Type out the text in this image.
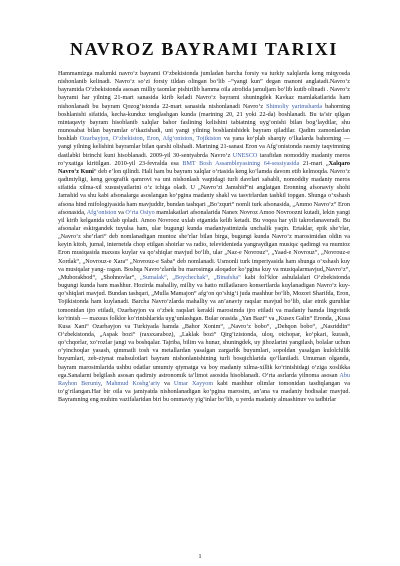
NAVROZ BAYRAMI TARIXI

Hammamizga malumki navro‘z bayrami O‘zbekistonda jumladan barcha forsiy va turkiy xalqlarda keng miqyosda nishonlanib kelinadi. Navro‘z so‘zi forsiy tildan olingan bo‘lib –“yangi kun” degan manoni anglatadi.Navro‘z bayramida O‘zbekistonda asosan milliy taomlar pishirilib hamma oila atrofida jamuljam bo‘lib kutib olinadi . Navro‘z bayrami har yilning 21-mart sanasida kirib keladi Navro‘z bayrami shuningdek Kavkaz mamlakatlarida ham nishonlanadi bu bayram Qozog‘istonda 22-mart sanasida nishonlanadi Navro‘z Shimoliy yarimsharda bahorning boshlanishi sifatida, kecha-kunduz tenglashgan kunda (martning 20, 21 yoki 22-da) boshlanadi. Bu ta’sir qilgan mintaqaviy bayram hisoblanib xalqlar bahor faslining kelishini tabiatning uyg‘onishi bilan bog‘laydilar, shu munosabat bilan bayramlar o‘tkazishadi, uni yangi yilning boshlanishidek bayram qiladilar. Qadim zamonlardan boshlab Ozarbayjon, O‘zbekiston, Eron, Afg‘oniston, Tojikiston va yana ko‘plab sharqiy o‘lkalarda bahorning — yangi yilning kelishini bayramlar bilan qarshi olishadi. Martning 21-sanasi Eron va Afg‘onistonda rasmiy taqvimning dastlabki birinchi kuni hisoblanadi. 2009-yil 30-sentyabrda Navro‘z UNESCO tarafidan nomoddiy madaniy meros ro‘yxatiga kiritilgan. 2010-yil 23-fevralda esa BMT Bosh Assambleyasining 64-sessiyasida 21-mart „Xalqaro Navro‘z Kuni“ deb e’lon qilindi. Hali ham bu bayram xalqlar o‘rtasida keng ko‘lamda davom etib kelmoqda. Navro‘z qadimiyligi, keng geografik qamrovi va uni nishonlash vaqtidagi turli davrlari sababli, nomoddiy madaniy meros sifatida xilma-xil xususiyatlarini o‘z ichiga oladi. U „Navro‘zi Jamshid“ni anglatgan Eronning afsonaviy shohi Jamshid va shu kabi afsonalarga asoslangan ko‘pgina madaniy shakl va tasvirlardan tashkil topgan. Shunga o‘xshash afsona hind mifologiyasida ham mavjuddir, bundan tashqari „Bo‘zqurt“ nomli turk afsonasida, „Ammo Navro‘z“ Eron afsonasida, Afg‘oniston va O‘rta Osiyo mamlakatlari afsonalarida Nanex Novroz Amoo Novroozni kutadi, lekin yangi yil kirib kelganida uxlab qoladi. Amoo Novrooz uxlab etganida kelib ketadi. Bu voqea har yili takrorlanaveradi. Bu afsonalar eskirgandek tuyulsa ham, ular bugungi kunda madaniyatimizda unchalik yaqin. Ertaklar, epik she’rlar, „Navro‘z she’rlari“ deb nomlanadigan muntoz she’rlar bilan birga, bugungi kunda Navro‘z marosimidan oldin va keyin kitob, jurnal, internetda chop etilgan shoirlar va radio, televidenieda yangraydigan musiqa: qadimgi va mumtoz Eron musiqasida maxsus kuylar va qo‘shiqlar mavjud bo‘lib, ular „Naz-e Novrouz“, „Yaad-e Novrouz“, „Novrouz-e Xordak“, „Novrouz-e Xara“ „Novrouz-e Saba“ deb nomlanadi. Usmonli turk imperiyasida ham shunga o‘xshash kuy va musiqalar yang- ragan. Boshqa Navro‘zlarda bu marosimga aloqador ko‘pgina kuy va musiqalarmavjud„Navro‘z“, „Muborakbod“, „Shohnovlar“, „Sumalak“, „Boychechak“, „Binafsha“ kabi fol‘klor ashulalalari O‘zbekistonda bugungi kunda ham mashhur. Hozirda mahalliy, milliy va hatto millatlararo konsertlarda kuylanadigan Navro‘z kuy-qo‘shiqlari mavjud. Bundan tashqari, „Mulla Mamajon“ afg‘on qo‘shig‘i juda mashhur bo‘lib, Mozori Sharifda, Eron, Tojikistonda ham kuylanadi. Barcha Navro‘zlarda mahalliy va an’anaviy raqslar mavjud bo‘lib, ular etnik guruhlar tomonidan ijro etiladi, Ozarbayjon va o‘zbek raqslari keraklí marosimda ijro etiladi va madaniy hamda lingvistik ko‘rinish — maxsus folklor ko‘rinishlarida uyg‘unlashgan. Bular orasida „Yan Bazi“ va „Kusex Galin“ Eronda, „Kusa Kusa Xani“ Ozarbayjon va Turkiyada hamda „Bahor Xonim“, „Navro‘z bobo“, „Dehqon bobo“, „Nasriddin“ O‘zbekistonda, „Aspak bozi“ (raxsxaraboz), „Laklak bozi“ Qirg‘izistonda, uloq, otchopar, ko‘pkari, kurash, qo‘chqorlar, xo‘rozlar jangi va boshqalar. Tajriba, bilim va hunar, shuningdek, uy jihozlarini yangilash, bolalar uchun o‘yinchoqlar yasash, qimmatli tosh va metallardan yasalgan zargarlik buyumlari, sopoldan yasalgan kulolchilik buyumlari, zeb-ziynat mahsulotlari bayram nishonlanishining turli bosqichlarida qo‘llaniladi. Umuman olganda, bayram marosimlarida ushbu odatlar umumiy qiymatga va boy madaniy xilma-xillik ko‘rinishidagi o‘ziga xoslikka ega.Sanalarni belgilash asosan qadimiy astronomik ta’limot asosida hisoblanadi. O‘rta asrlarda yilnoma asosan Abu Rayhon Beruniy, Mahmud Koshg‘ariy va Umar Xayyom kabi mashhur olimlar tomonidan tasdiqlangan va to‘g‘rilangan.Har bir oila va jamiyatda nishonlanadigan ko‘pgina marosim, an’ana va madaniy hodisalar mavjud. Bayramning eng muhim vazifalaridan biri bu ommaviy yig‘inlar bo‘lib, u yerda madaniy almashinuv va tadbirlar

1
